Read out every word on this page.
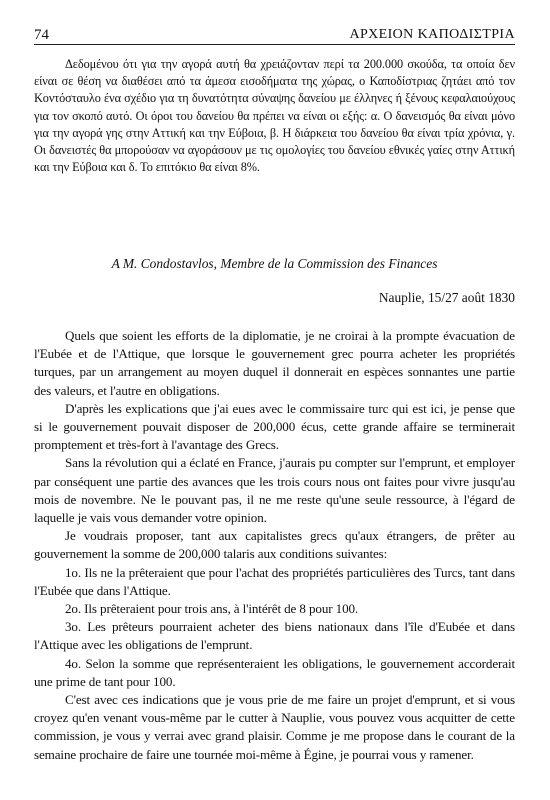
74	ΑΡΧΕΙΟΝ ΚΑΠΟΔΙΣΤΡΙΑ

Δεδομένου ότι για την αγορά αυτή θα χρειάζονταν περί τα 200.000 σκούδα, τα οποία δεν είναι σε θέση να διαθέσει από τα άμεσα εισοδήματα της χώρας, ο Καποδίστριας ζητάει από τον Κοντόσταυλο ένα σχέδιο για τη δυνατότητα σύναψης δανείου με έλληνες ή ξένους κεφαλαιούχους για τον σκοπό αυτό. Οι όροι του δανείου θα πρέπει να είναι οι εξής: α. Ο δανεισμός θα είναι μόνο για την αγορά γης στην Αττική και την Εύβοια, β. Η διάρκεια του δανείου θα είναι τρία χρόνια, γ. Οι δανειστές θα μπορούσαν να αγοράσουν με τις ομολογίες του δανείου εθνικές γαίες στην Αττική και την Εύβοια και δ. Το επιτόκιο θα είναι 8%.

A M. Condostavlos, Membre de la Commission des Finances
Nauplie, 15/27 août 1830

Quels que soient les efforts de la diplomatie, je ne croirai à la prompte évacuation de l'Eubée et de l'Attique, que lorsque le gouvernement grec pourra acheter les propriétés turques, par un arrangement au moyen duquel il donnerait en espèces sonnantes une partie des valeurs, et l'autre en obligations.

D'après les explications que j'ai eues avec le commissaire turc qui est ici, je pense que si le gouvernement pouvait disposer de 200,000 écus, cette grande affaire se terminerait promptement et très-fort à l'avantage des Grecs.

Sans la révolution qui a éclaté en France, j'aurais pu compter sur l'emprunt, et employer par conséquent une partie des avances que les trois cours nous ont faites pour vivre jusqu'au mois de novembre. Ne le pouvant pas, il ne me reste qu'une seule ressource, à l'égard de laquelle je vais vous demander votre opinion.

Je voudrais proposer, tant aux capitalistes grecs qu'aux étrangers, de prêter au gouvernement la somme de 200,000 talaris aux conditions suivantes:

1o. Ils ne la prêteraient que pour l'achat des propriétés particulières des Turcs, tant dans l'Eubée que dans l'Attique.

2o. Ils prêteraient pour trois ans, à l'intérêt de 8 pour 100.

3o. Les prêteurs pourraient acheter des biens nationaux dans l'île d'Eubée et dans l'Attique avec les obligations de l'emprunt.

4o. Selon la somme que représenteraient les obligations, le gouvernement accorderait une prime de tant pour 100.

C'est avec ces indications que je vous prie de me faire un projet d'emprunt, et si vous croyez qu'en venant vous-même par le cutter à Nauplie, vous pouvez vous acquitter de cette commission, je vous y verrai avec grand plaisir. Comme je me propose dans le courant de la semaine prochaire de faire une tournée moi-même à Égine, je pourrai vous y ramener.
